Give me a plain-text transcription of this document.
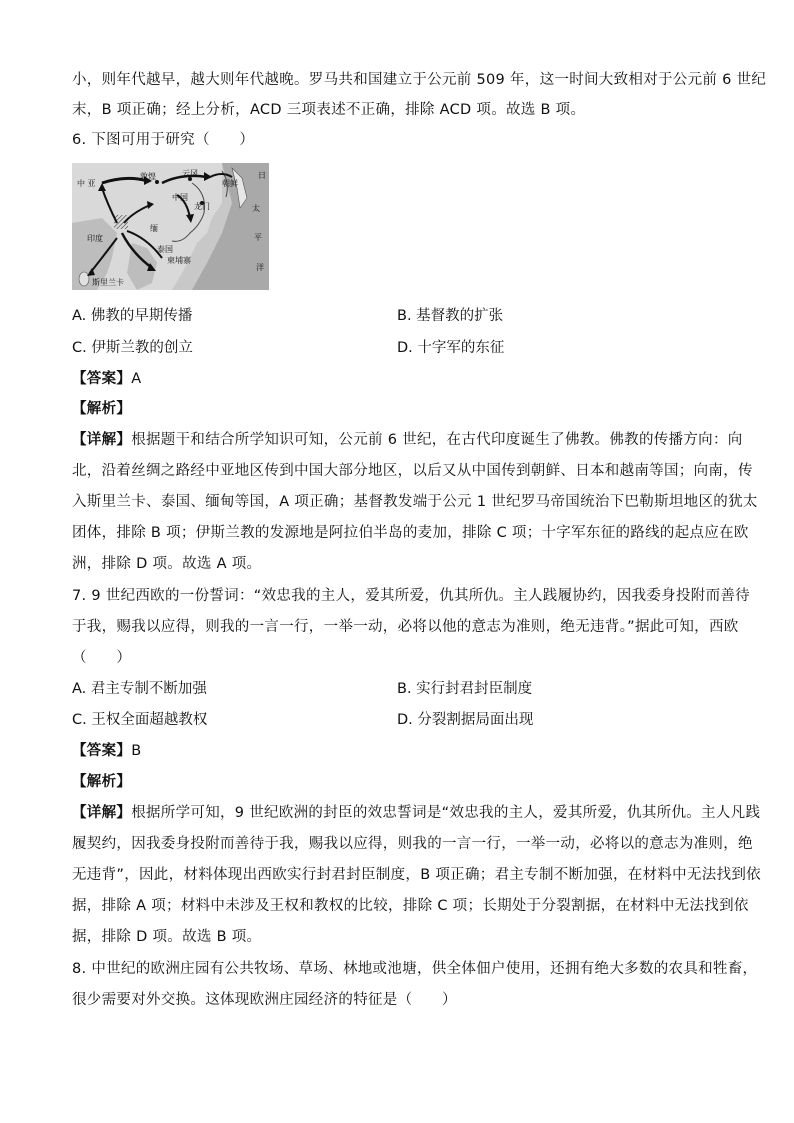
小，则年代越早，越大则年代越晚。罗马共和国建立于公元前 509 年，这一时间大致相对于公元前 6 世纪
末，B 项正确；经上分析，ACD 三项表述不正确，排除 ACD 项。故选 B 项。
6. 下图可用于研究（　　）
中 亚
敦煌	云冈
朝鲜
日
中国
龙门	太
平
洋
印度
缅
泰国
柬埔寨
斯里兰卡
A. 佛教的早期传播	B. 基督教的扩张
C. 伊斯兰教的创立	D. 十字军的东征
【答案】A
【解析】
【详解】根据题干和结合所学知识可知，公元前 6 世纪，在古代印度诞生了佛教。佛教的传播方向：向
北，沿着丝绸之路经中亚地区传到中国大部分地区，以后又从中国传到朝鲜、日本和越南等国；向南，传
入斯里兰卡、泰国、缅甸等国，A 项正确；基督教发端于公元 1 世纪罗马帝国统治下巴勒斯坦地区的犹太
团体，排除 B 项；伊斯兰教的发源地是阿拉伯半岛的麦加，排除 C 项；十字军东征的路线的起点应在欧
洲，排除 D 项。故选 A 项。
7. 9 世纪西欧的一份誓词：“效忠我的主人，爱其所爱，仇其所仇。主人践履协约，因我委身投附而善待
于我，赐我以应得，则我的一言一行，一举一动，必将以他的意志为准则，绝无违背。”据此可知，西欧
（　　）
A. 君主专制不断加强	B. 实行封君封臣制度
C. 王权全面超越教权	D. 分裂割据局面出现
【答案】B
【解析】
【详解】根据所学可知，9 世纪欧洲的封臣的效忠誓词是“效忠我的主人，爱其所爱，仇其所仇。主人凡践
履契约，因我委身投附而善待于我，赐我以应得，则我的一言一行，一举一动，必将以的意志为准则，绝
无违背”，因此，材料体现出西欧实行封君封臣制度，B 项正确；君主专制不断加强，在材料中无法找到依
据，排除 A 项；材料中未涉及王权和教权的比较，排除 C 项；长期处于分裂割据，在材料中无法找到依
据，排除 D 项。故选 B 项。
8. 中世纪的欧洲庄园有公共牧场、草场、林地或池塘，供全体佃户使用，还拥有绝大多数的农具和牲畜，
很少需要对外交换。这体现欧洲庄园经济的特征是（　　）
